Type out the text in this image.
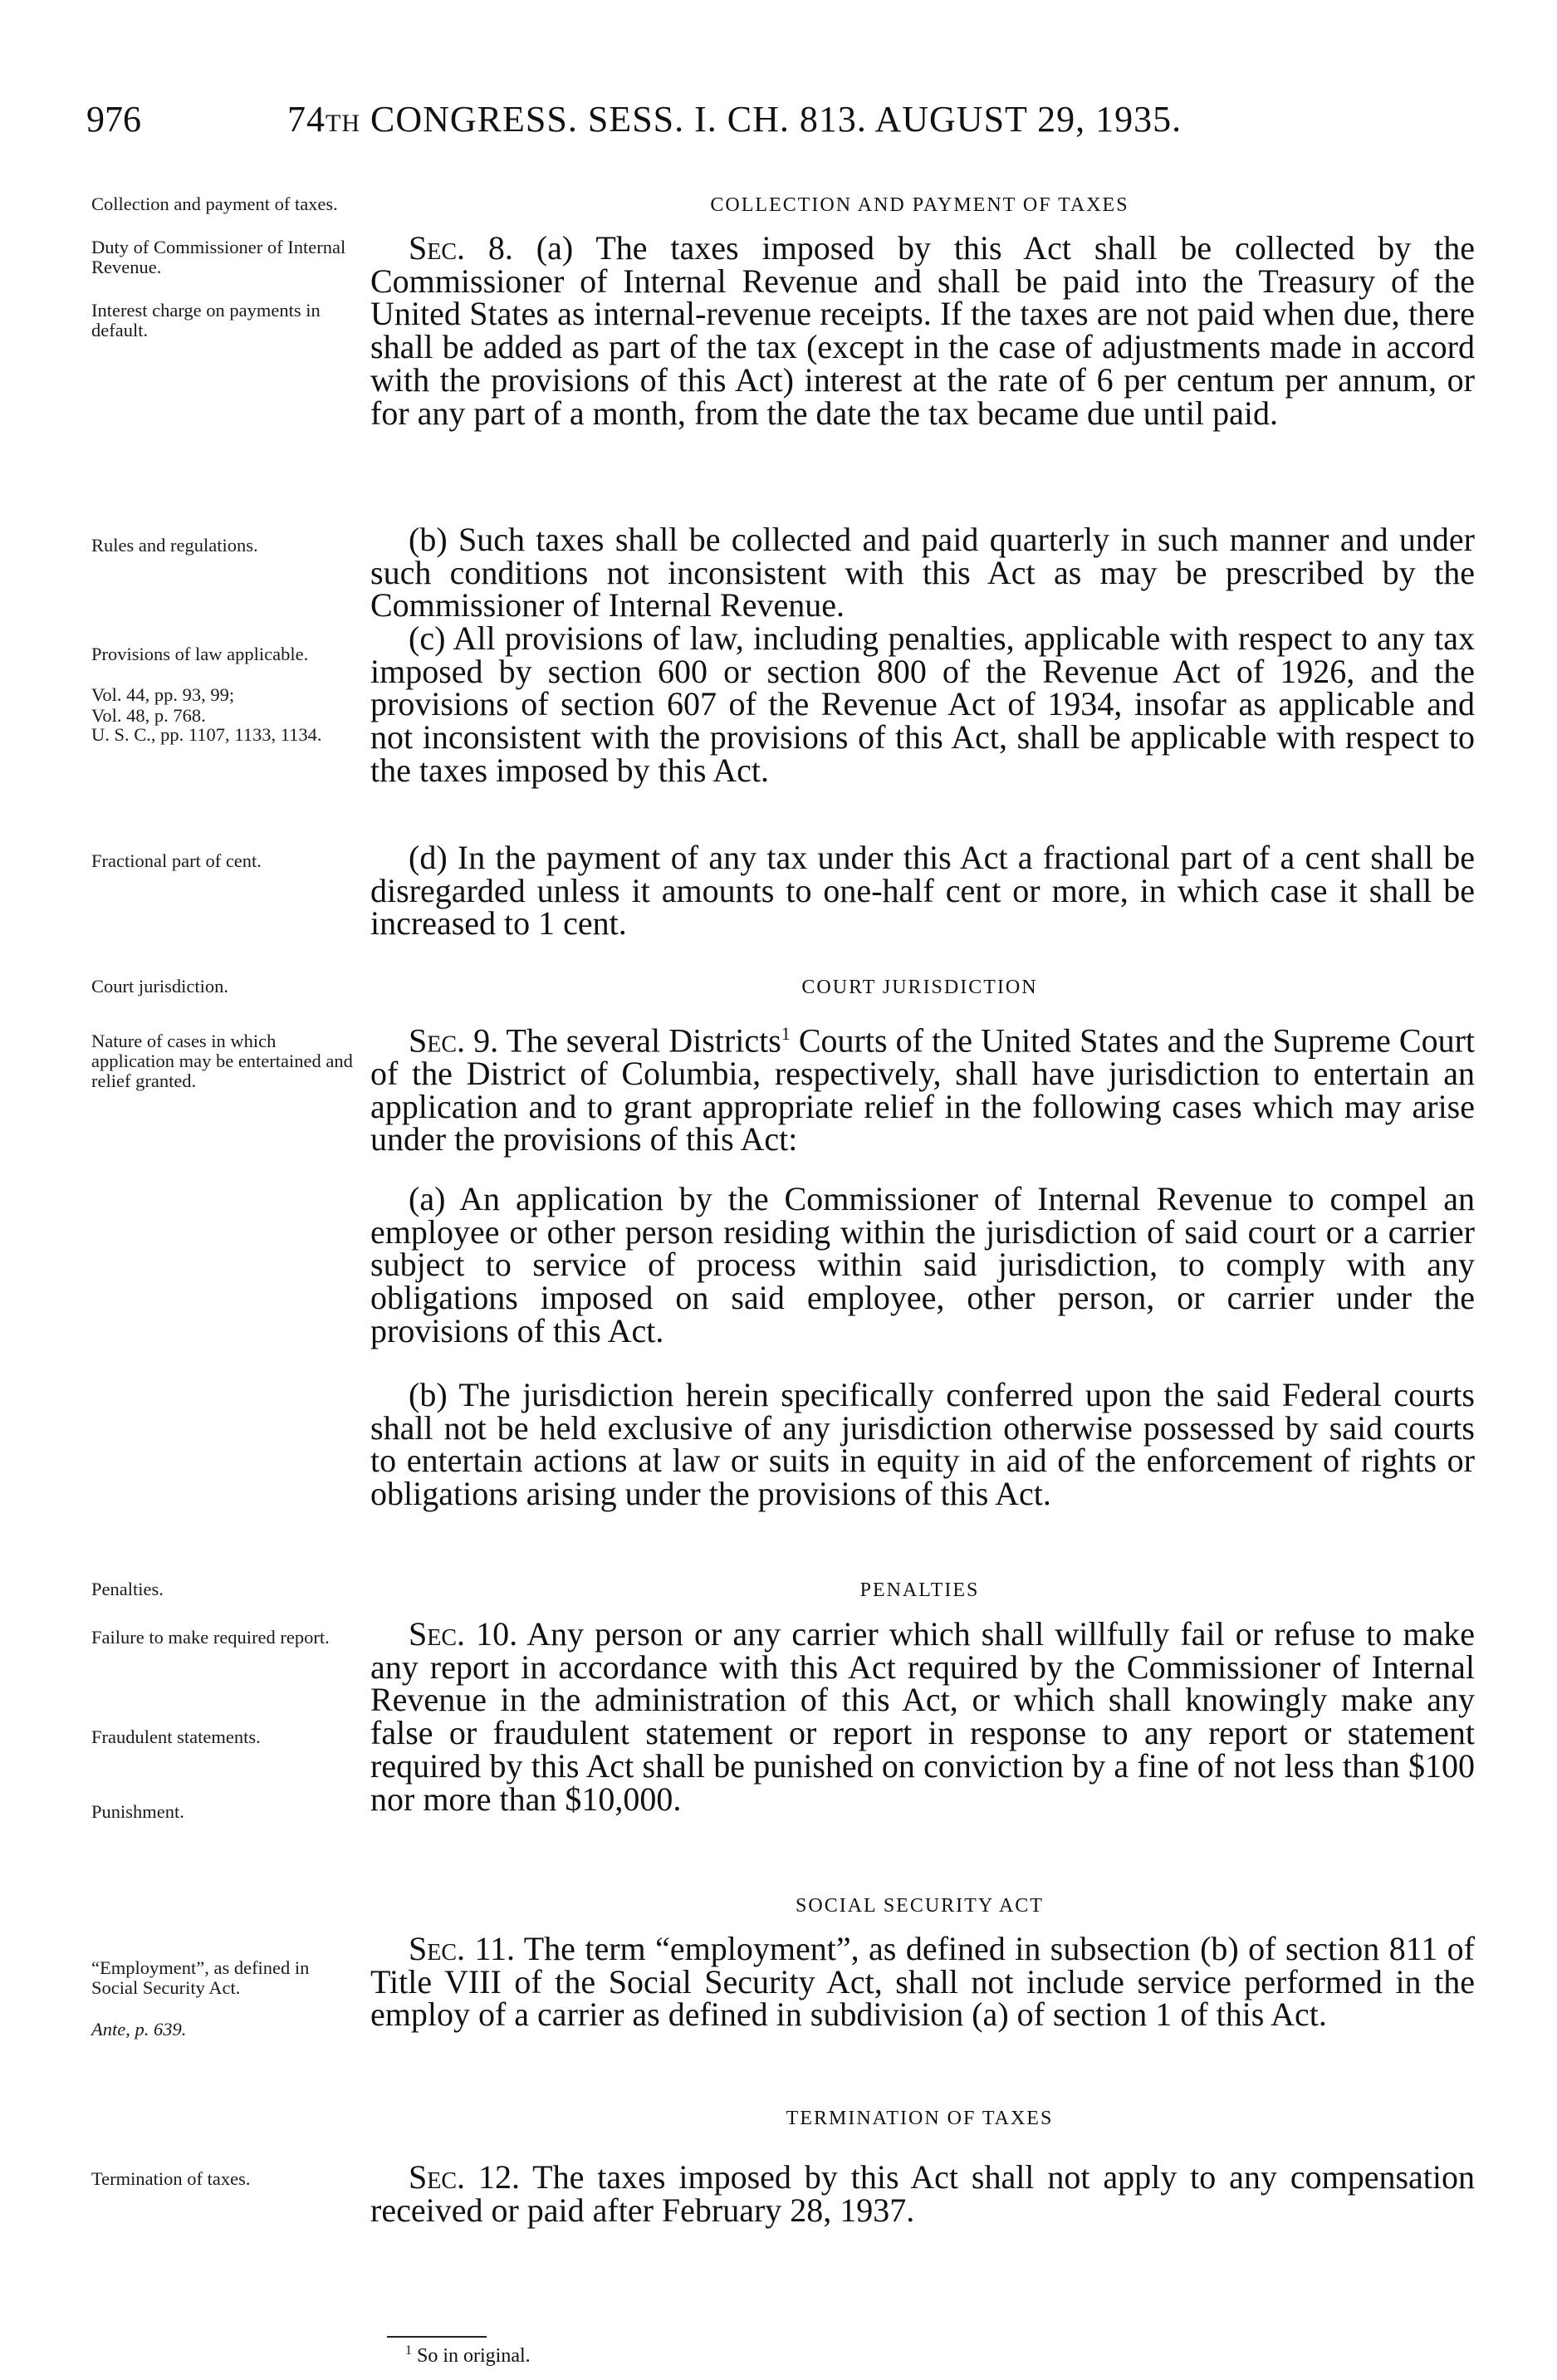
976	74TH CONGRESS. SESS. I. CH. 813. AUGUST 29, 1935.
Collection and payment of taxes.
Duty of Commissioner of Internal Revenue.
Interest charge on payments in default.
Rules and regulations.
Provisions of law applicable.
Vol. 44, pp. 93, 99;
Vol. 48, p. 768.
U. S. C., pp. 1107, 1133, 1134.
Fractional part of cent.
Court jurisdiction.
Nature of cases in which application may be entertained and relief granted.
Penalties.
Failure to make required report.
Fraudulent statements.
Punishment.
“Employment”, as defined in Social Security Act.
Ante, p. 639.
Termination of taxes.
COLLECTION AND PAYMENT OF TAXES
COURT JURISDICTION
PENALTIES
SOCIAL SECURITY ACT
TERMINATION OF TAXES
Sec. 8. (a) The taxes imposed by this Act shall be collected by the Commissioner of Internal Revenue and shall be paid into the Treasury of the United States as internal-revenue receipts. If the taxes are not paid when due, there shall be added as part of the tax (except in the case of adjustments made in accord with the provisions of this Act) interest at the rate of 6 per centum per annum, or for any part of a month, from the date the tax became due until paid.
(b) Such taxes shall be collected and paid quarterly in such manner and under such conditions not inconsistent with this Act as may be prescribed by the Commissioner of Internal Revenue.
(c) All provisions of law, including penalties, applicable with respect to any tax imposed by section 600 or section 800 of the Revenue Act of 1926, and the provisions of section 607 of the Revenue Act of 1934, insofar as applicable and not inconsistent with the provisions of this Act, shall be applicable with respect to the taxes imposed by this Act.
(d) In the payment of any tax under this Act a fractional part of a cent shall be disregarded unless it amounts to one-half cent or more, in which case it shall be increased to 1 cent.
Sec. 9. The several Districts$^1$ Courts of the United States and the Supreme Court of the District of Columbia, respectively, shall have jurisdiction to entertain an application and to grant appropriate relief in the following cases which may arise under the provisions of this Act:
(a) An application by the Commissioner of Internal Revenue to compel an employee or other person residing within the jurisdiction of said court or a carrier subject to service of process within said jurisdiction, to comply with any obligations imposed on said employee, other person, or carrier under the provisions of this Act.
(b) The jurisdiction herein specifically conferred upon the said Federal courts shall not be held exclusive of any jurisdiction otherwise possessed by said courts to entertain actions at law or suits in equity in aid of the enforcement of rights or obligations arising under the provisions of this Act.
Sec. 10. Any person or any carrier which shall willfully fail or refuse to make any report in accordance with this Act required by the Commissioner of Internal Revenue in the administration of this Act, or which shall knowingly make any false or fraudulent statement or report in response to any report or statement required by this Act shall be punished on conviction by a fine of not less than $100 nor more than $10,000.
Sec. 11. The term “employment”, as defined in subsection (b) of section 811 of Title VIII of the Social Security Act, shall not include service performed in the employ of a carrier as defined in subdivision (a) of section 1 of this Act.
Sec. 12. The taxes imposed by this Act shall not apply to any compensation received or paid after February 28, 1937.
$^1$ So in original.
